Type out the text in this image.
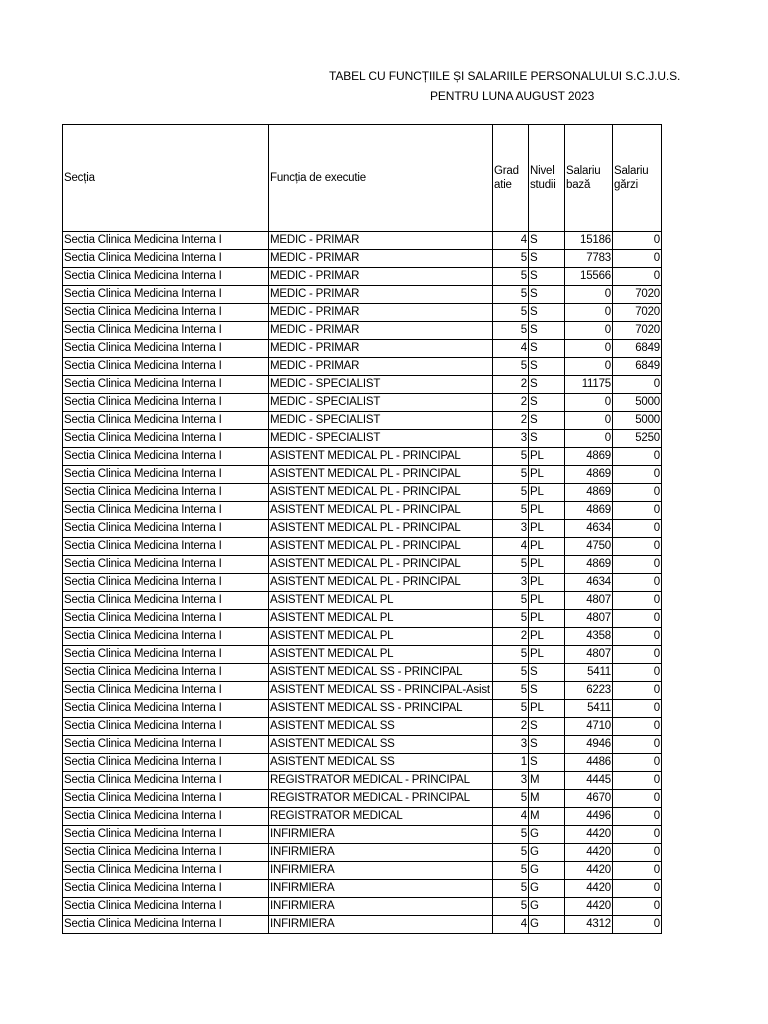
TABEL CU FUNCȚIILE ȘI SALARIILE PERSONALULUI S.C.J.U.S.
PENTRU LUNA AUGUST 2023
Secția	Funcția de executie	Grad atie	Nivel studii	Salariu bază	Salariu gărzi
Sectia Clinica Medicina Interna I	MEDIC - PRIMAR	4	S	15186	0
Sectia Clinica Medicina Interna I	MEDIC - PRIMAR	5	S	7783	0
Sectia Clinica Medicina Interna I	MEDIC - PRIMAR	5	S	15566	0
Sectia Clinica Medicina Interna I	MEDIC - PRIMAR	5	S	0	7020
Sectia Clinica Medicina Interna I	MEDIC - PRIMAR	5	S	0	7020
Sectia Clinica Medicina Interna I	MEDIC - PRIMAR	5	S	0	7020
Sectia Clinica Medicina Interna I	MEDIC - PRIMAR	4	S	0	6849
Sectia Clinica Medicina Interna I	MEDIC - PRIMAR	5	S	0	6849
Sectia Clinica Medicina Interna I	MEDIC - SPECIALIST	2	S	11175	0
Sectia Clinica Medicina Interna I	MEDIC - SPECIALIST	2	S	0	5000
Sectia Clinica Medicina Interna I	MEDIC - SPECIALIST	2	S	0	5000
Sectia Clinica Medicina Interna I	MEDIC - SPECIALIST	3	S	0	5250
Sectia Clinica Medicina Interna I	ASISTENT MEDICAL PL - PRINCIPAL	5	PL	4869	0
Sectia Clinica Medicina Interna I	ASISTENT MEDICAL PL - PRINCIPAL	5	PL	4869	0
Sectia Clinica Medicina Interna I	ASISTENT MEDICAL PL - PRINCIPAL	5	PL	4869	0
Sectia Clinica Medicina Interna I	ASISTENT MEDICAL PL - PRINCIPAL	5	PL	4869	0
Sectia Clinica Medicina Interna I	ASISTENT MEDICAL PL - PRINCIPAL	3	PL	4634	0
Sectia Clinica Medicina Interna I	ASISTENT MEDICAL PL - PRINCIPAL	4	PL	4750	0
Sectia Clinica Medicina Interna I	ASISTENT MEDICAL PL - PRINCIPAL	5	PL	4869	0
Sectia Clinica Medicina Interna I	ASISTENT MEDICAL PL - PRINCIPAL	3	PL	4634	0
Sectia Clinica Medicina Interna I	ASISTENT MEDICAL PL	5	PL	4807	0
Sectia Clinica Medicina Interna I	ASISTENT MEDICAL PL	5	PL	4807	0
Sectia Clinica Medicina Interna I	ASISTENT MEDICAL PL	2	PL	4358	0
Sectia Clinica Medicina Interna I	ASISTENT MEDICAL PL	5	PL	4807	0
Sectia Clinica Medicina Interna I	ASISTENT MEDICAL SS - PRINCIPAL	5	S	5411	0
Sectia Clinica Medicina Interna I	ASISTENT MEDICAL SS - PRINCIPAL-Asist	5	S	6223	0
Sectia Clinica Medicina Interna I	ASISTENT MEDICAL SS - PRINCIPAL	5	PL	5411	0
Sectia Clinica Medicina Interna I	ASISTENT MEDICAL SS	2	S	4710	0
Sectia Clinica Medicina Interna I	ASISTENT MEDICAL SS	3	S	4946	0
Sectia Clinica Medicina Interna I	ASISTENT MEDICAL SS	1	S	4486	0
Sectia Clinica Medicina Interna I	REGISTRATOR MEDICAL - PRINCIPAL	3	M	4445	0
Sectia Clinica Medicina Interna I	REGISTRATOR MEDICAL - PRINCIPAL	5	M	4670	0
Sectia Clinica Medicina Interna I	REGISTRATOR MEDICAL	4	M	4496	0
Sectia Clinica Medicina Interna I	INFIRMIERA	5	G	4420	0
Sectia Clinica Medicina Interna I	INFIRMIERA	5	G	4420	0
Sectia Clinica Medicina Interna I	INFIRMIERA	5	G	4420	0
Sectia Clinica Medicina Interna I	INFIRMIERA	5	G	4420	0
Sectia Clinica Medicina Interna I	INFIRMIERA	5	G	4420	0
Sectia Clinica Medicina Interna I	INFIRMIERA	4	G	4312	0
